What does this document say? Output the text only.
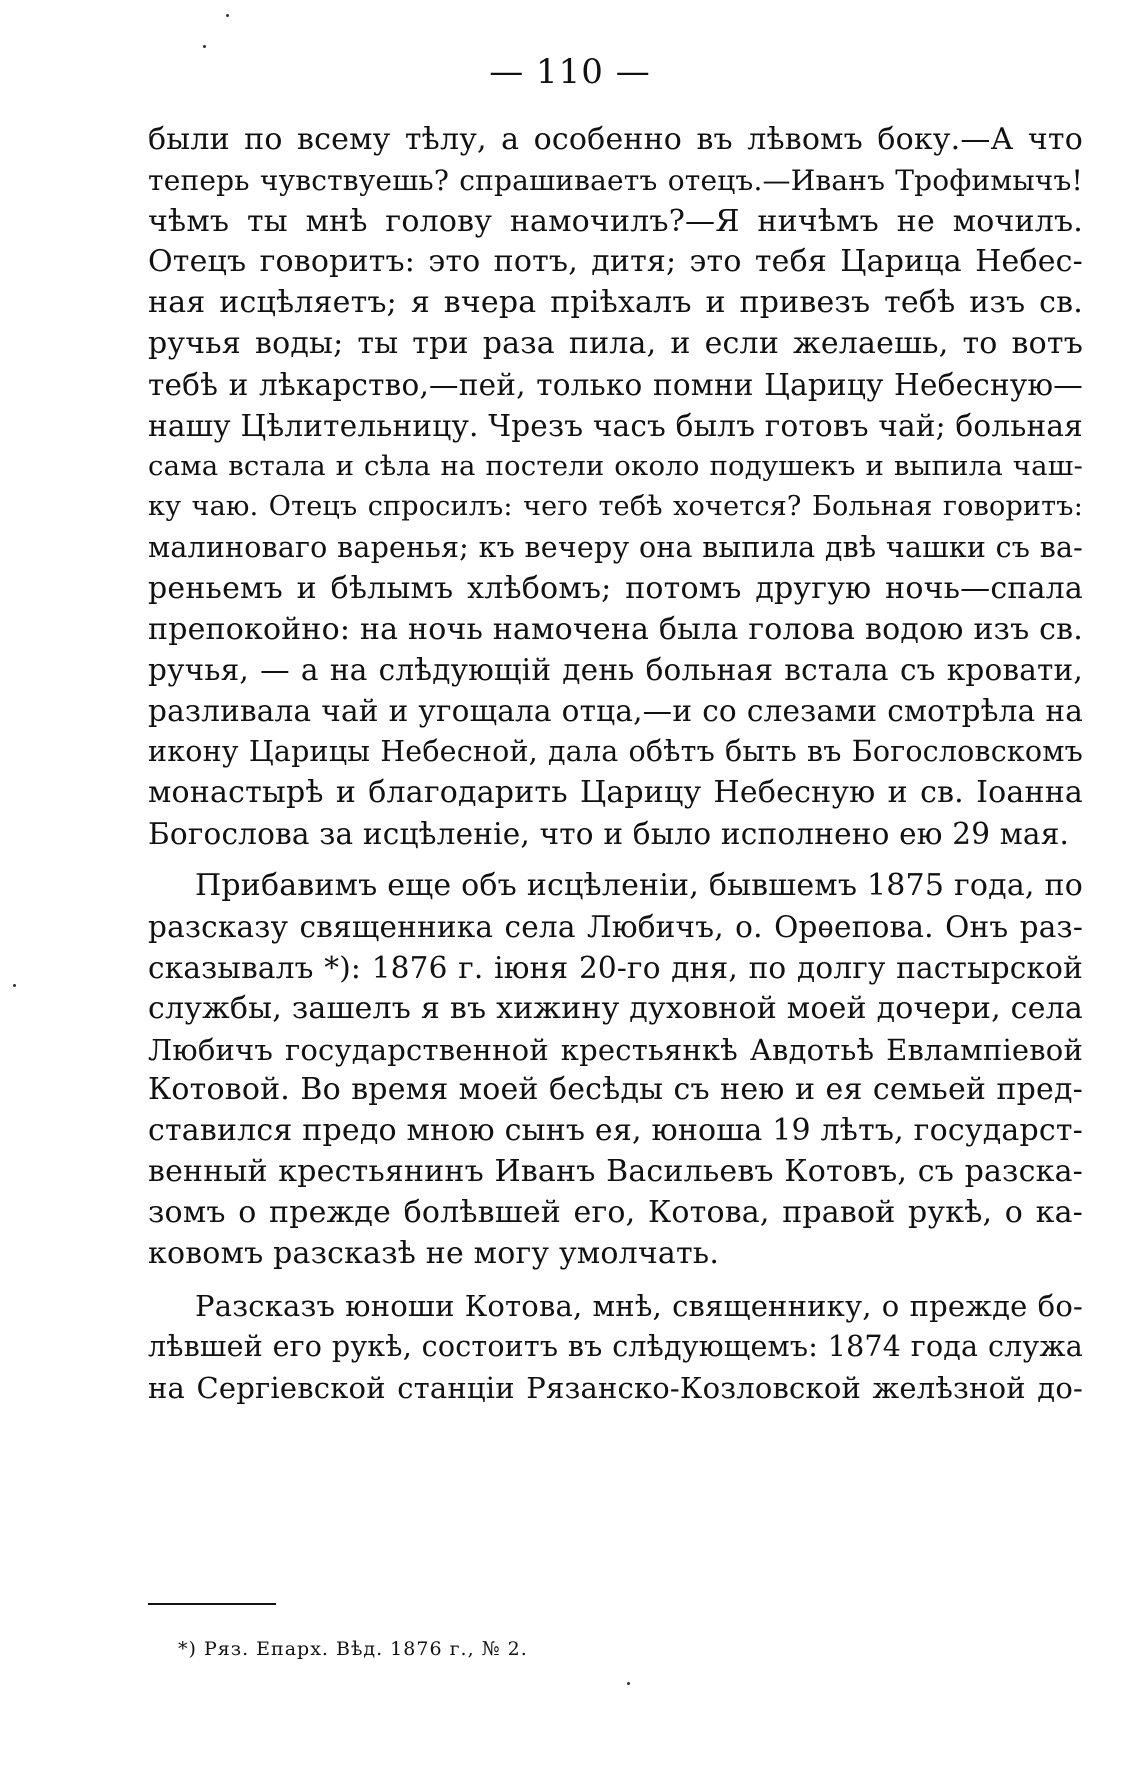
— 110 —
были по всему тѣлу, а особенно въ лѣвомъ боку.—А что
теперь чувствуешь? спрашиваетъ отецъ.—Иванъ Трофимычъ!
чѣмъ ты мнѣ голову намочилъ?—Я ничѣмъ не мочилъ.
Отецъ говоритъ: это потъ, дитя; это тебя Царица Небес-
ная исцѣляетъ; я вчера пріѣхалъ и привезъ тебѣ изъ св.
ручья воды; ты три раза пила, и если желаешь, то вотъ
тебѣ и лѣкарство,—пей, только помни Царицу Небесную—
нашу Цѣлительницу. Чрезъ часъ былъ готовъ чай; больная
сама встала и сѣла на постели около подушекъ и выпила чаш-
ку чаю. Отецъ спросилъ: чего тебѣ хочется? Больная говоритъ:
малиноваго варенья; къ вечеру она выпила двѣ чашки съ ва-
реньемъ и бѣлымъ хлѣбомъ; потомъ другую ночь—спала
препокойно: на ночь намочена была голова водою изъ св.
ручья, — а на слѣдующій день больная встала съ кровати,
разливала чай и угощала отца,—и со слезами смотрѣла на
икону Царицы Небесной, дала обѣтъ быть въ Богословскомъ
монастырѣ и благодарить Царицу Небесную и св. Іоанна
Богослова за исцѣленіе, что и было исполнено ею 29 мая.
Прибавимъ еще объ исцѣленіи, бывшемъ 1875 года, по
разсказу священника села Любичъ, о. Орѳепова. Онъ раз-
сказывалъ *): 1876 г. іюня 20-го дня, по долгу пастырской
службы, зашелъ я въ хижину духовной моей дочери, села
Любичъ государственной крестьянкѣ Авдотьѣ Евлампіевой
Котовой. Во время моей бесѣды съ нею и ея семьей пред-
ставился предо мною сынъ ея, юноша 19 лѣтъ, государст-
венный крестьянинъ Иванъ Васильевъ Котовъ, съ разска-
зомъ о прежде болѣвшей его, Котова, правой рукѣ, о ка-
ковомъ разсказѣ не могу умолчать.
Разсказъ юноши Котова, мнѣ, священнику, о прежде бо-
лѣвшей его рукѣ, состоитъ въ слѣдующемъ: 1874 года служа
на Сергіевской станціи Рязанско-Козловской желѣзной до-
*) Ряз. Епарх. Вѣд. 1876 г., № 2.
